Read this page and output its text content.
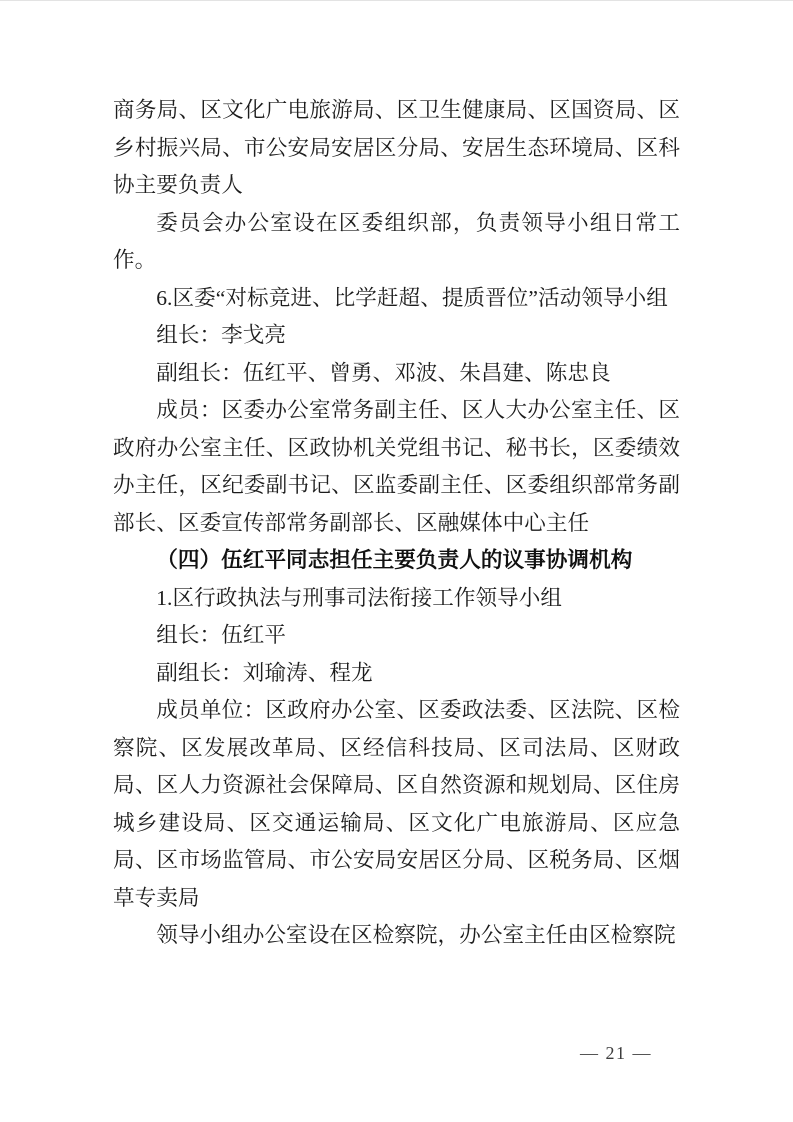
商务局、区文化广电旅游局、区卫生健康局、区国资局、区乡村振兴局、市公安局安居区分局、安居生态环境局、区科协主要负责人

委员会办公室设在区委组织部，负责领导小组日常工作。

6.区委“对标竞进、比学赶超、提质晋位”活动领导小组

组长：李戈亮

副组长：伍红平、曾勇、邓波、朱昌建、陈忠良

成员：区委办公室常务副主任、区人大办公室主任、区政府办公室主任、区政协机关党组书记、秘书长，区委绩效办主任，区纪委副书记、区监委副主任、区委组织部常务副部长、区委宣传部常务副部长、区融媒体中心主任

（四）伍红平同志担任主要负责人的议事协调机构

1.区行政执法与刑事司法衔接工作领导小组

组长：伍红平

副组长：刘瑜涛、程龙

成员单位：区政府办公室、区委政法委、区法院、区检察院、区发展改革局、区经信科技局、区司法局、区财政局、区人力资源社会保障局、区自然资源和规划局、区住房城乡建设局、区交通运输局、区文化广电旅游局、区应急局、区市场监管局、市公安局安居区分局、区税务局、区烟草专卖局

领导小组办公室设在区检察院，办公室主任由区检察院

— 21 —
